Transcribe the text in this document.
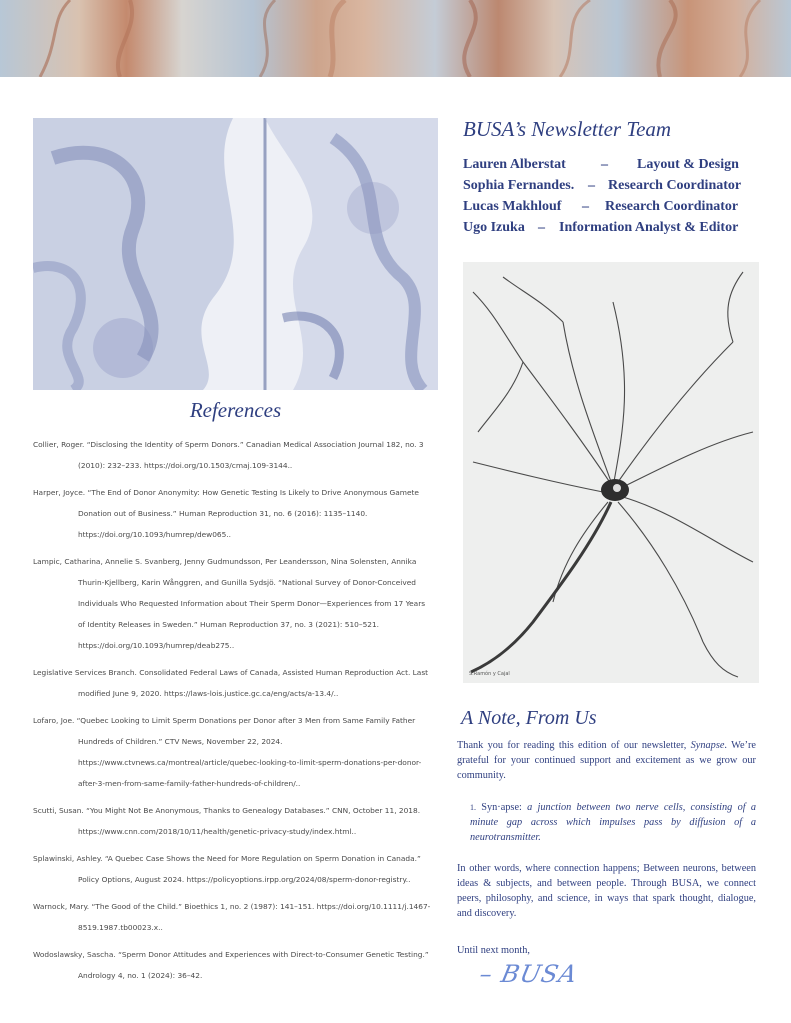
References
Collier, Roger. “Disclosing the Identity of Sperm Donors.” Canadian Medical Association Journal 182, no. 3 (2010): 232–233. https://doi.org/10.1503/cmaj.109-3144..
Harper, Joyce. “The End of Donor Anonymity: How Genetic Testing Is Likely to Drive Anonymous Gamete Donation out of Business.” Human Reproduction 31, no. 6 (2016): 1135–1140. https://doi.org/10.1093/humrep/dew065..
Lampic, Catharina, Annelie S. Svanberg, Jenny Gudmundsson, Per Leandersson, Nina Solensten, Annika Thurin-Kjellberg, Karin Wånggren, and Gunilla Sydsjö. “National Survey of Donor-Conceived Individuals Who Requested Information about Their Sperm Donor—Experiences from 17 Years of Identity Releases in Sweden.” Human Reproduction 37, no. 3 (2021): 510–521. https://doi.org/10.1093/humrep/deab275..
Legislative Services Branch. Consolidated Federal Laws of Canada, Assisted Human Reproduction Act. Last modified June 9, 2020. https://laws-lois.justice.gc.ca/eng/acts/a-13.4/..
Lofaro, Joe. “Quebec Looking to Limit Sperm Donations per Donor after 3 Men from Same Family Father Hundreds of Children.” CTV News, November 22, 2024. https://www.ctvnews.ca/montreal/article/quebec-looking-to-limit-sperm-donations-per-donor-after-3-men-from-same-family-father-hundreds-of-children/..
Scutti, Susan. “You Might Not Be Anonymous, Thanks to Genealogy Databases.” CNN, October 11, 2018. https://www.cnn.com/2018/10/11/health/genetic-privacy-study/index.html..
Splawinski, Ashley. “A Quebec Case Shows the Need for More Regulation on Sperm Donation in Canada.” Policy Options, August 2024. https://policyoptions.irpp.org/2024/08/sperm-donor-registry..
Warnock, Mary. “The Good of the Child.” Bioethics 1, no. 2 (1987): 141–151. https://doi.org/10.1111/j.1467-8519.1987.tb00023.x..
Wodoslawsky, Sascha. “Sperm Donor Attitudes and Experiences with Direct-to-Consumer Genetic Testing.” Andrology 4, no. 1 (2024): 36–42.
BUSA’s Newsletter Team
Lauren Alberstat	– Layout & Design
Sophia Fernandes. – Research Coordinator
Lucas Makhlouf – Research Coordinator
Ugo Izuka – Information Analyst & Editor
S.Ramón y Cajal
A Note, From Us

Thank you for reading this edition of our newsletter, Synapse. We’re grateful for your continued support and excitement as we grow our community.

1. Syn·apse: a junction between two nerve cells, consisting of a minute gap across which impulses pass by diffusion of a neurotransmitter.
In other words, where connection happens; Between neurons, between ideas & subjects, and between people. Through BUSA, we connect peers, philosophy, and science, in ways that spark thought, dialogue, and discovery.
Until next month,
– BUSA
